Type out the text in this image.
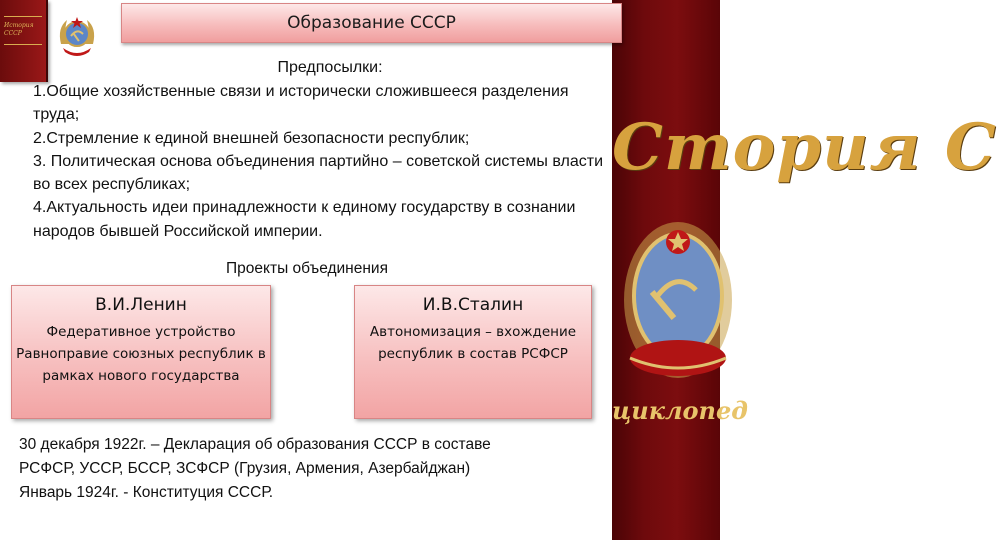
Стория С
циклопед
История СССР
Образование СССР
Предпосылки:
1.Общие хозяйственные связи и исторически сложившееся разделения труда;
2.Стремление к единой внешней безопасности республик;
3. Политическая основа объединения партийно – советской системы власти во всех республиках;
4.Актуальность идеи принадлежности к единому государству в сознании народов бывшей Российской империи.
Проекты объединения
В.И.Ленин
Федеративное устройство
Равноправие союзных республик в рамках нового государства
И.В.Сталин
Автономизация – вхождение республик в состав РСФСР
30 декабря 1922г. – Декларация об образования СССР в составе
РСФСР, УССР, БССР, ЗСФСР (Грузия, Армения, Азербайджан)
Январь 1924г. - Конституция СССР.
